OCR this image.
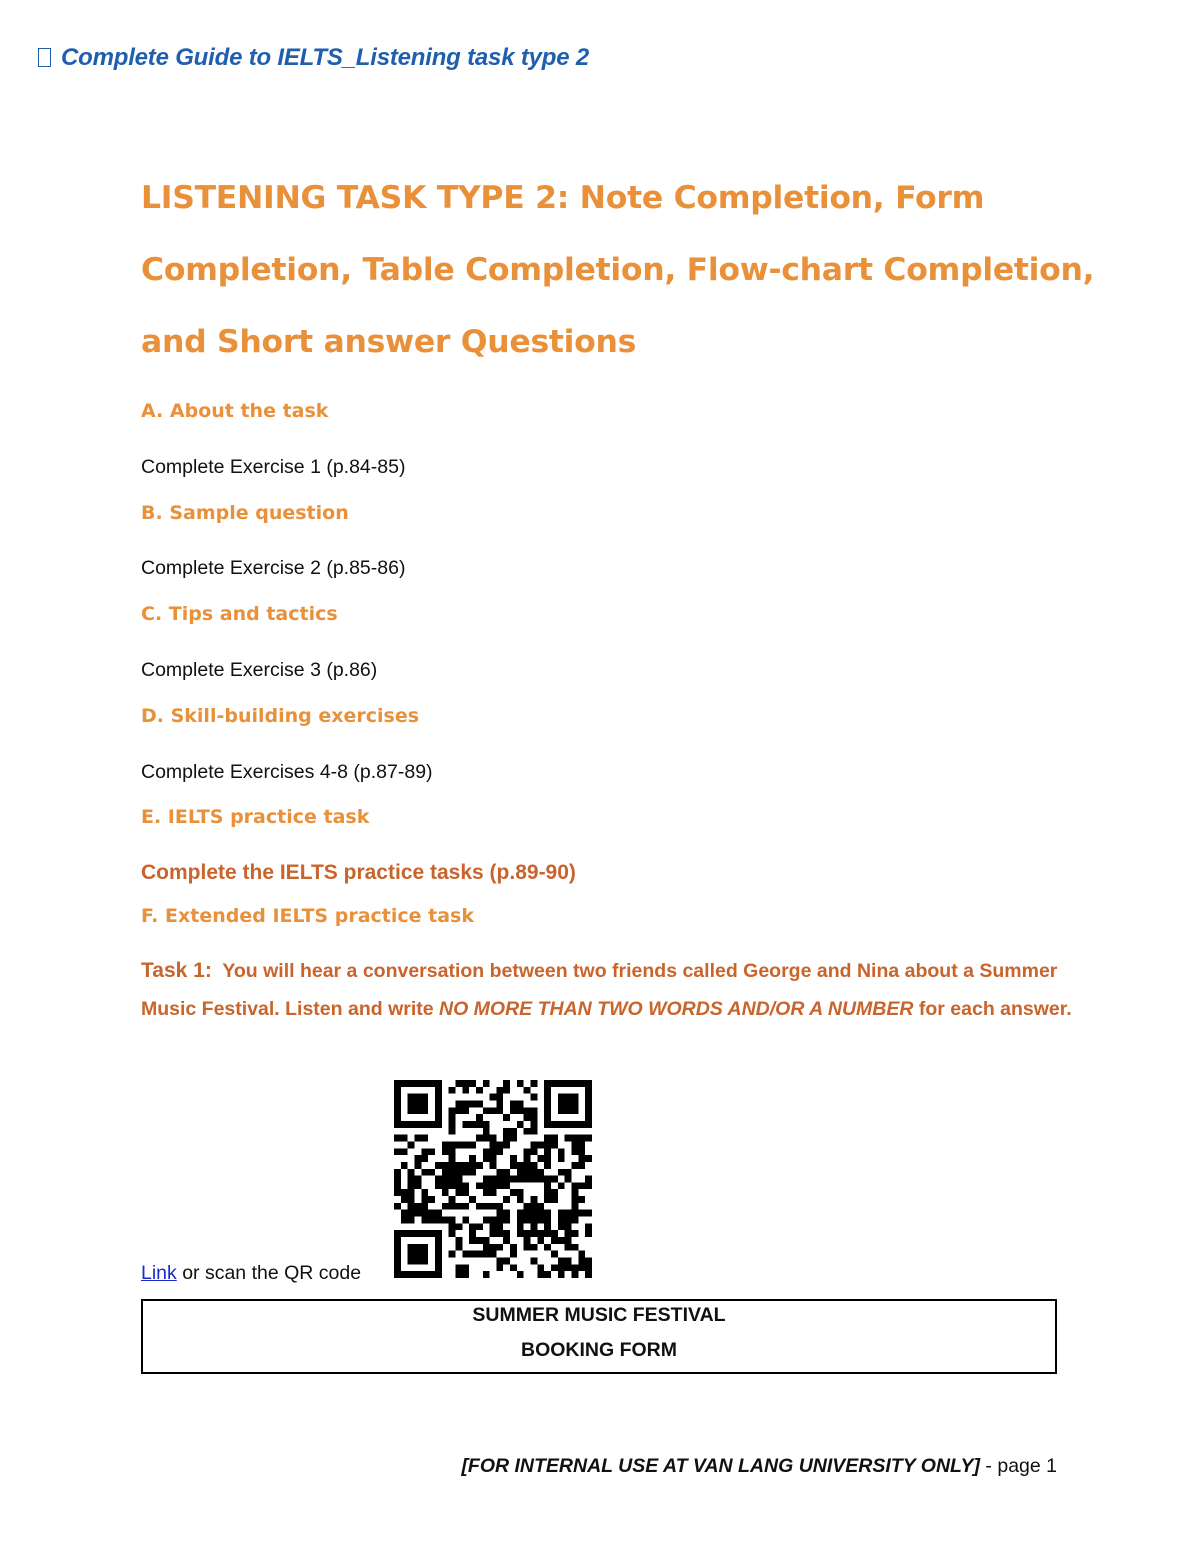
Complete Guide to IELTS_Listening task type 2
LISTENING TASK TYPE 2: Note Completion, Form
Completion, Table Completion, Flow-chart Completion,
and Short answer Questions
A. About the task
Complete Exercise 1 (p.84-85)
B. Sample question
Complete Exercise 2 (p.85-86)
C. Tips and tactics
Complete Exercise 3 (p.86)
D. Skill-building exercises
Complete Exercises 4-8 (p.87-89)
E. IELTS practice task
Complete the IELTS practice tasks (p.89-90)
F. Extended IELTS practice task
Task 1: You will hear a conversation between two friends called George and Nina about a Summer Music Festival. Listen and write NO MORE THAN TWO WORDS AND/OR A NUMBER for each answer.
Link or scan the QR code
SUMMER MUSIC FESTIVAL
BOOKING FORM
[FOR INTERNAL USE AT VAN LANG UNIVERSITY ONLY] - page 1
